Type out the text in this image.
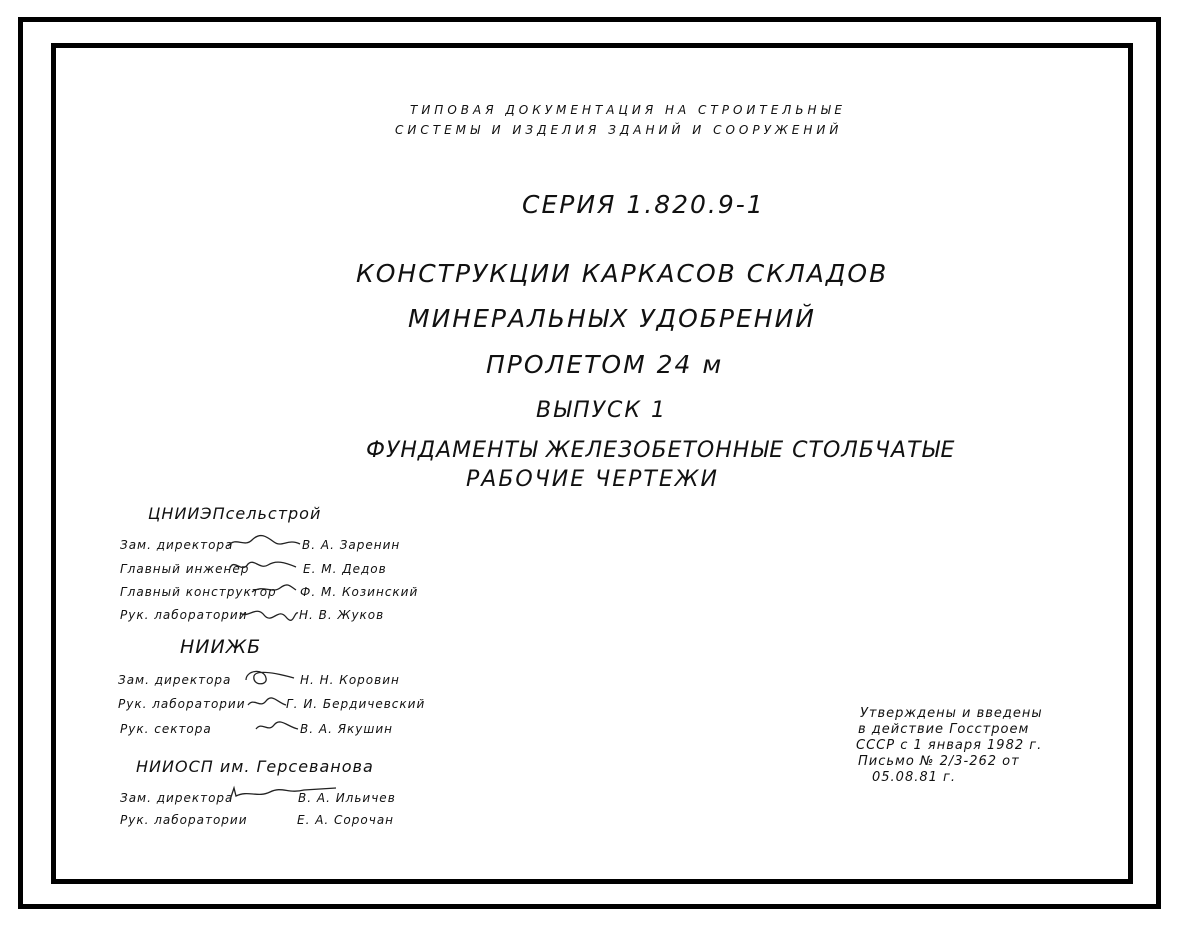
ТИПОВАЯ ДОКУМЕНТАЦИЯ НА СТРОИТЕЛЬНЫЕ
СИСТЕМЫ И ИЗДЕЛИЯ ЗДАНИЙ И СООРУЖЕНИЙ
СЕРИЯ 1.820.9-1
КОНСТРУКЦИИ КАРКАСОВ СКЛАДОВ
МИНЕРАЛЬНЫХ УДОБРЕНИЙ
ПРОЛЕТОМ 24 м
ВЫПУСК 1
ФУНДАМЕНТЫ ЖЕЛЕЗОБЕТОННЫЕ СТОЛБЧАТЫЕ
РАБОЧИЕ ЧЕРТЕЖИ
ЦНИИЭПсельстрой
Зам. директора	В. А. Заренин
Главный инженер	Е. М. Дедов
Главный конструктор Ф. М. Козинский
Рук. лаборатории	Н. В. Жуков
НИИЖБ
Зам. директора	Н. Н. Коровин
Рук. лаборатории	Г. И. Бердичевский
Рук. сектора	В. А. Якушин
НИИОСП им. Герсеванова
Зам. директора	В. А. Ильичев
Рук. лаборатории	Е. А. Сорочан
Утверждены и введены
в действие Госстроем
СССР с 1 января 1982 г.
Письмо № 2/3-262 от
05.08.81 г.
